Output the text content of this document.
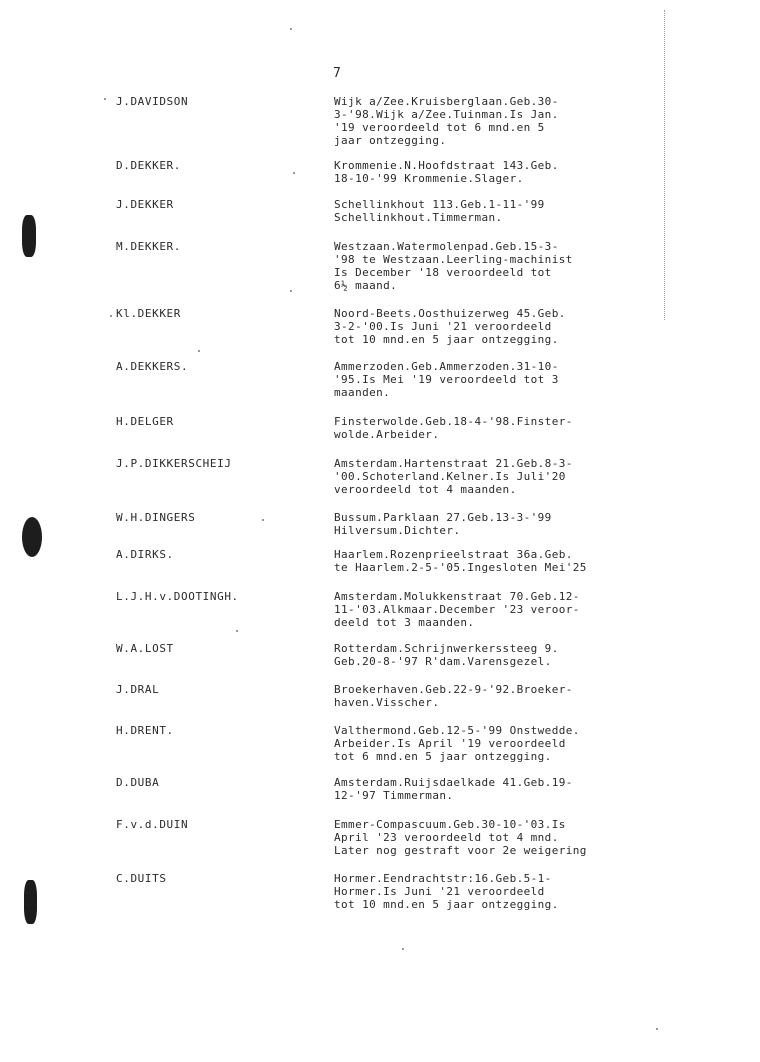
7
J.DAVIDSON	Wijk a/Zee.Kruisberglaan.Geb.30-
3-'98.Wijk a/Zee.Tuinman.Is Jan.
'19 veroordeeld tot 6 mnd.en 5
jaar ontzegging.
D.DEKKER.	Krommenie.N.Hoofdstraat 143.Geb.
18-10-'99 Krommenie.Slager.
J.DEKKER	Schellinkhout 113.Geb.1-11-'99
Schellinkhout.Timmerman.
M.DEKKER.	Westzaan.Watermolenpad.Geb.15-3-
'98 te Westzaan.Leerling-machinist
Is December '18 veroordeeld tot
6½ maand.
Kl.DEKKER	Noord-Beets.Oosthuizerweg 45.Geb.
3-2-'00.Is Juni '21 veroordeeld
tot 10 mnd.en 5 jaar ontzegging.
A.DEKKERS.	Ammerzoden.Geb.Ammerzoden.31-10-
'95.Is Mei '19 veroordeeld tot 3
maanden.
H.DELGER	Finsterwolde.Geb.18-4-'98.Finster-
wolde.Arbeider.
J.P.DIKKERSCHEIJ	Amsterdam.Hartenstraat 21.Geb.8-3-
'00.Schoterland.Kelner.Is Juli'20
veroordeeld tot 4 maanden.
W.H.DINGERS	Bussum.Parklaan 27.Geb.13-3-'99
Hilversum.Dichter.
A.DIRKS.	Haarlem.Rozenprieelstraat 36a.Geb.
te Haarlem.2-5-'05.Ingesloten Mei'25
L.J.H.v.DOOTINGH.	Amsterdam.Molukkenstraat 70.Geb.12-
11-'03.Alkmaar.December '23 veroor-
deeld tot 3 maanden.
W.A.LOST	Rotterdam.Schrijnwerkerssteeg 9.
Geb.20-8-'97 R'dam.Varensgezel.
J.DRAL	Broekerhaven.Geb.22-9-'92.Broeker-
haven.Visscher.
H.DRENT.	Valthermond.Geb.12-5-'99 Onstwedde.
Arbeider.Is April '19 veroordeeld
tot 6 mnd.en 5 jaar ontzegging.
D.DUBA	Amsterdam.Ruijsdaelkade 41.Geb.19-
12-'97 Timmerman.
F.v.d.DUIN	Emmer-Compascuum.Geb.30-10-'03.Is
April '23 veroordeeld tot 4 mnd.
Later nog gestraft voor 2e weigering
C.DUITS	Hormer.Eendrachtstr:16.Geb.5-1-
Hormer.Is Juni '21 veroordeeld
tot 10 mnd.en 5 jaar ontzegging.
